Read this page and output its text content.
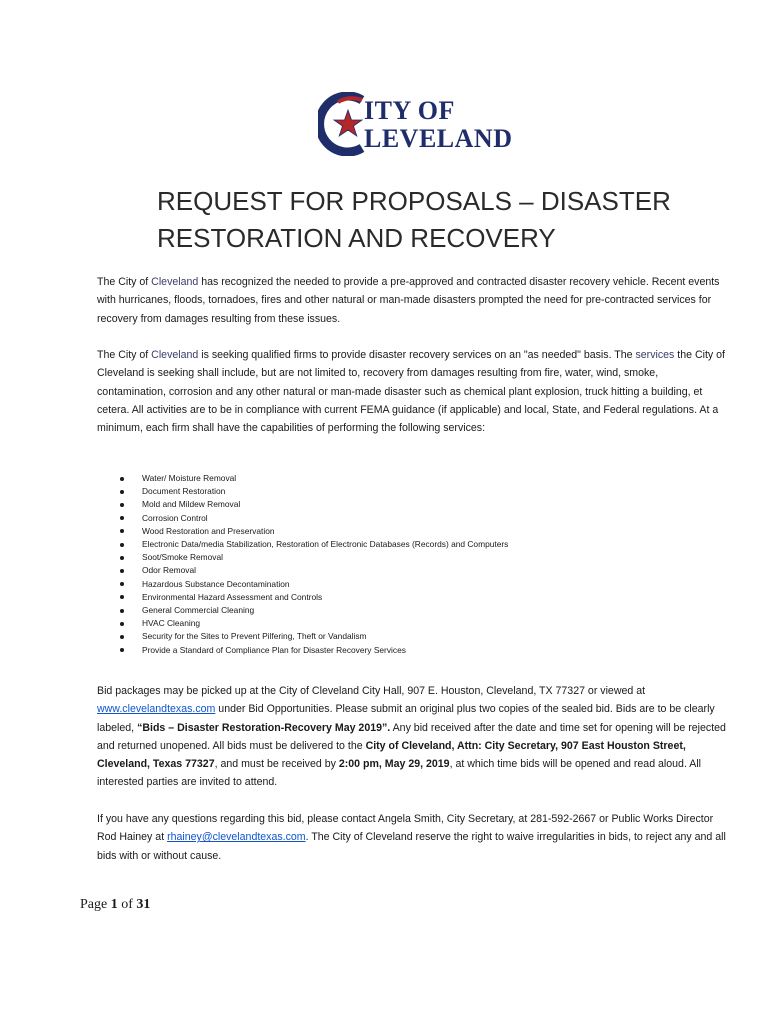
ITY OF
LEVELAND
REQUEST FOR PROPOSALS – DISASTER RESTORATION AND RECOVERY

The City of Cleveland has recognized the needed to provide a pre-approved and contracted disaster recovery vehicle. Recent events with hurricanes, floods, tornadoes, fires and other natural or man-made disasters prompted the need for pre-contracted services for recovery from damages resulting from these issues.

The City of Cleveland is seeking qualified firms to provide disaster recovery services on an "as needed" basis. The services the City of Cleveland is seeking shall include, but are not limited to, recovery from damages resulting from fire, water, wind, smoke, contamination, corrosion and any other natural or man-made disaster such as chemical plant explosion, truck hitting a building, et cetera. All activities are to be in compliance with current FEMA guidance (if applicable) and local, State, and Federal regulations. At a minimum, each firm shall have the capabilities of performing the following services:

Water/ Moisture Removal
Document Restoration
Mold and Mildew Removal
Corrosion Control
Wood Restoration and Preservation
Electronic Data/media Stabilization, Restoration of Electronic Databases (Records) and Computers
Soot/Smoke Removal
Odor Removal
Hazardous Substance Decontamination
Environmental Hazard Assessment and Controls
General Commercial Cleaning
HVAC Cleaning
Security for the Sites to Prevent Pilfering, Theft or Vandalism
Provide a Standard of Compliance Plan for Disaster Recovery Services

Bid packages may be picked up at the City of Cleveland City Hall, 907 E. Houston, Cleveland, TX 77327 or viewed at www.clevelandtexas.com under Bid Opportunities. Please submit an original plus two copies of the sealed bid. Bids are to be clearly labeled, “Bids – Disaster Restoration-Recovery May 2019”. Any bid received after the date and time set for opening will be rejected and returned unopened. All bids must be delivered to the City of Cleveland, Attn: City Secretary, 907 East Houston Street, Cleveland, Texas 77327, and must be received by 2:00 pm, May 29, 2019, at which time bids will be opened and read aloud. All interested parties are invited to attend.

If you have any questions regarding this bid, please contact Angela Smith, City Secretary, at 281-592-2667 or Public Works Director Rod Hainey at rhainey@clevelandtexas.com. The City of Cleveland reserve the right to waive irregularities in bids, to reject any and all bids with or without cause.

Page 1 of 31
